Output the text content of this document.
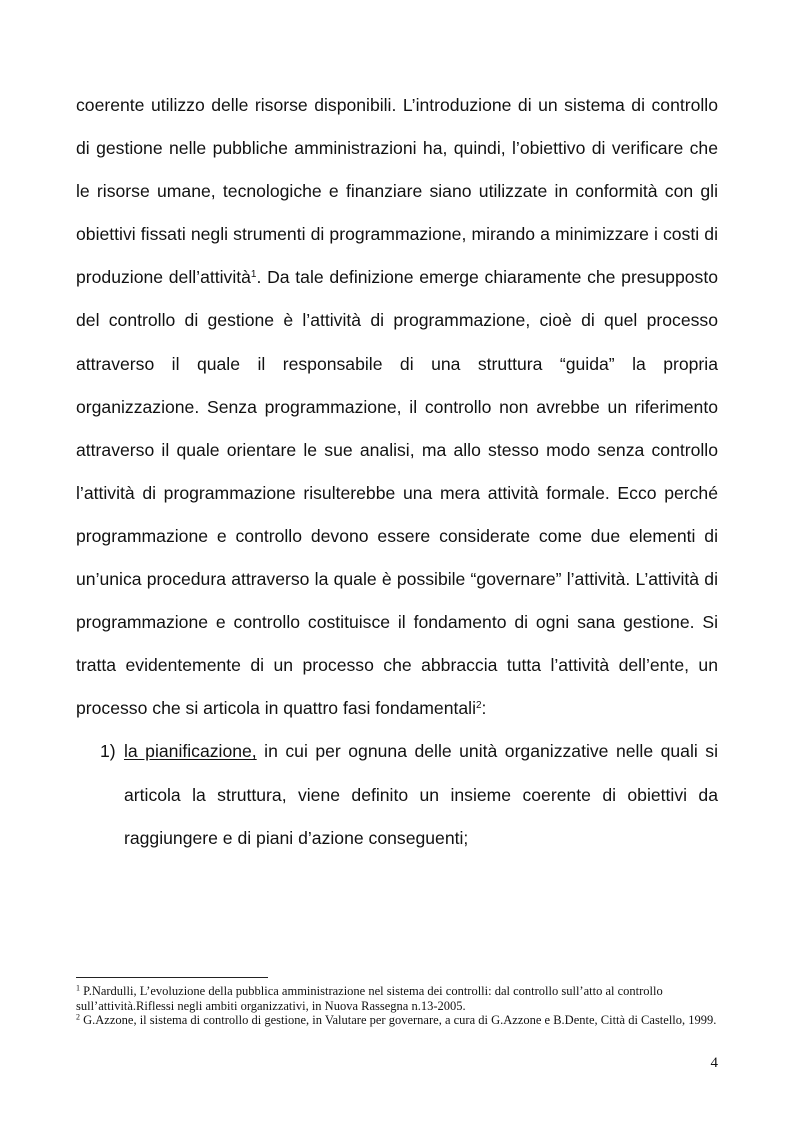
coerente utilizzo delle risorse disponibili. L’introduzione di un sistema di controllo di gestione nelle pubbliche amministrazioni ha, quindi, l’obiettivo di verificare che le risorse umane, tecnologiche e finanziare siano utilizzate in conformità con gli obiettivi fissati negli strumenti di programmazione, mirando a minimizzare i costi di produzione dell’attività$^1$. Da tale definizione emerge chiaramente che presupposto del controllo di gestione è l’attività di programmazione, cioè di quel processo attraverso il quale il responsabile di una struttura “guida” la propria organizzazione. Senza programmazione, il controllo non avrebbe un riferimento attraverso il quale orientare le sue analisi, ma allo stesso modo senza controllo l’attività di programmazione risulterebbe una mera attività formale. Ecco perché programmazione e controllo devono essere considerate come due elementi di un’unica procedura attraverso la quale è possibile “governare” l’attività. L’attività di programmazione e controllo costituisce il fondamento di ogni sana gestione. Si tratta evidentemente di un processo che abbraccia tutta l’attività dell’ente, un processo che si articola in quattro fasi fondamentali$^2$:

1) la pianificazione, in cui per ognuna delle unità organizzative nelle quali si articola la struttura, viene definito un insieme coerente di obiettivi da raggiungere e di piani d’azione conseguenti;

$^1$ P.Nardulli, L’evoluzione della pubblica amministrazione nel sistema dei controlli: dal controllo sull’atto al controllo sull’attività.Riflessi negli ambiti organizzativi, in Nuova Rassegna n.13-2005.

$^2$ G.Azzone, il sistema di controllo di gestione, in Valutare per governare, a cura di G.Azzone e B.Dente, Città di Castello, 1999.

4
